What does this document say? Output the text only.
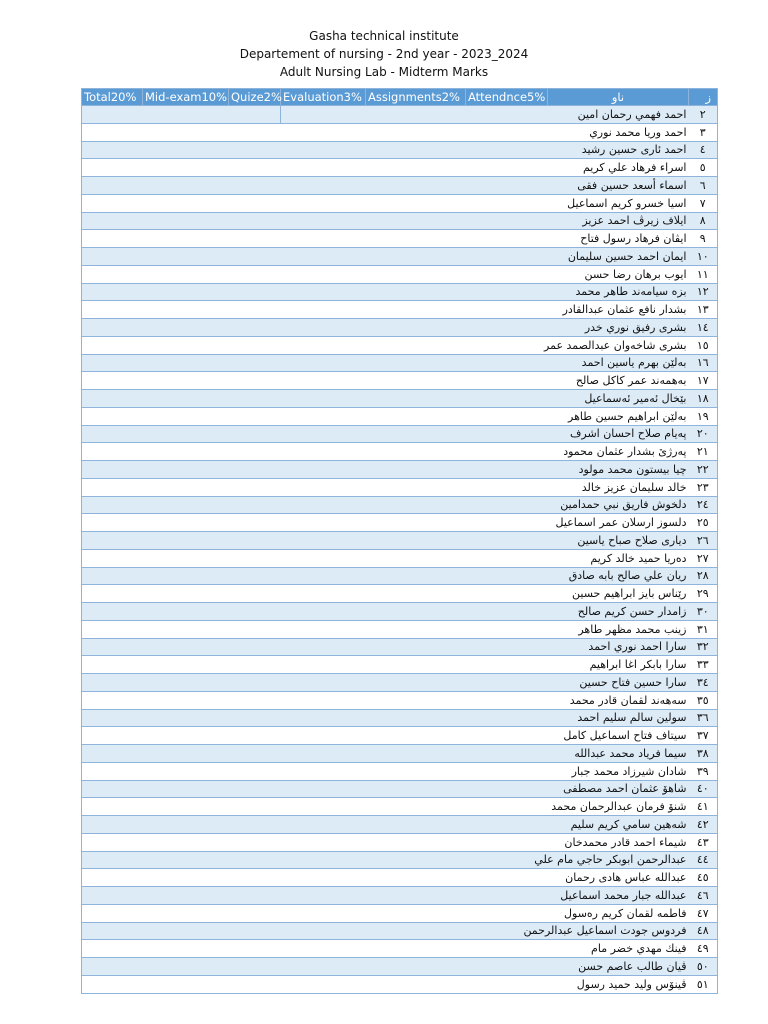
Gasha technical institute
Departement of nursing - 2nd year - 2023_2024
Adult Nursing Lab - Midterm Marks
Total20%	Mid-exam10%	Quize2%	Evaluation3%	Assignments2%	Attendnce5%	ناو	ز
						احمد فهمي رحمان امين	٢
						احمد وريا محمد نوري	٣
						احمد ئاری حسين رشيد	٤
						اسراء فرهاد علي كريم	٥
						اسماء أسعد حسين فقى	٦
						اسيا خسرو كريم اسماعيل	٧
						ايلاف زيرڤ احمد عزيز	٨
						ايڤان فرهاد رسول فتاح	٩
						ايمان احمد حسين سليمان	١٠
						ايوب برهان رضا حسن	١١
						بزه سيامەند طاهر محمد	١٢
						بشدار نافع عثمان عبدالقادر	١٣
						بشرى رفيق نوري خدر	١٤
						بشرى شاخەوان عبدالصمد عمر	١٥
						بەلێن بهرم ياسين احمد	١٦
						بەهمەند عمر كاكل صالح	١٧
						بێخال ئەمير ئەسماعيل	١٨
						بەلێن ابراهيم حسين طاهر	١٩
						پەيام صلاح احسان اشرف	٢٠
						پەرژێ بشدار عثمان محمود	٢١
						چيا بيستون محمد مولود	٢٢
						خالد سليمان عزيز خالد	٢٣
						دلخوش فاريق نبي حمدامين	٢٤
						دلسوز ارسلان عمر اسماعيل	٢٥
						دياری صلاح صباح ياسين	٢٦
						دەريا حميد خالد كريم	٢٧
						ريان علي صالح بابه صادق	٢٨
						رێناس بايز ابراهيم حسين	٢٩
						زامدار حسن كريم صالح	٣٠
						زينب محمد مظهر طاهر	٣١
						سارا احمد نوري احمد	٣٢
						سارا بابكر اغا ابراهيم	٣٣
						سارا حسين فتاح حسين	٣٤
						سەهەند لقمان قادر محمد	٣٥
						سولين سالم سليم احمد	٣٦
						سيتاف فتاح اسماعيل كامل	٣٧
						سيما فرياد محمد عبدالله	٣٨
						شادان شيرزاد محمد جبار	٣٩
						شاهۆ عثمان احمد مصطفى	٤٠
						شنۆ فرمان عبدالرحمان محمد	٤١
						شەهين سامي كريم سليم	٤٢
						شيماء احمد قادر محمدخان	٤٣
						عبدالرحمن ابوبكر حاجي مام علي	٤٤
						عبدالله عباس هادى رحمان	٤٥
						عبدالله جبار محمد اسماعيل	٤٦
						فاطمه لقمان كريم رەسول	٤٧
						فردوس جودت اسماعيل عبدالرحمن	٤٨
						فينك مهدي خضر مام	٤٩
						ڤيان طالب عاصم حسن	٥٠
						ڤينۆس وليد حميد رسول	٥١
